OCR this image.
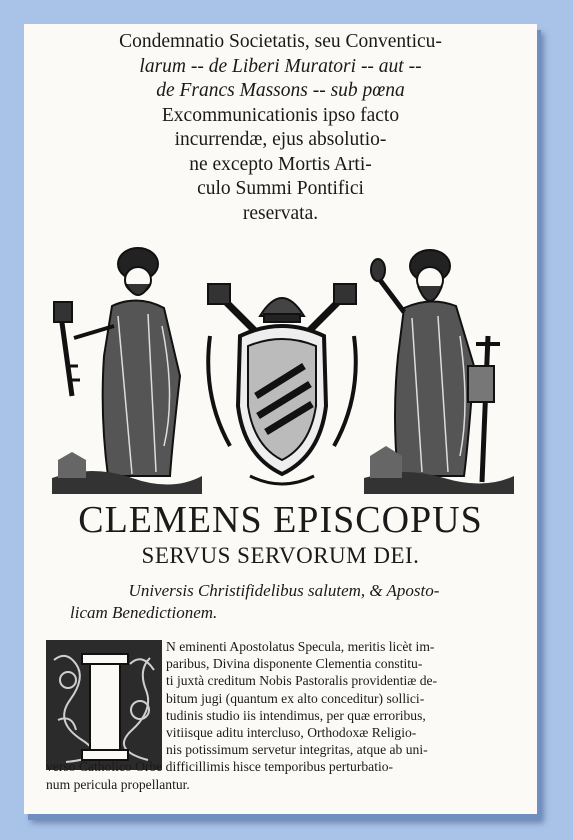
Condemnatio Societatis, seu Conventicu-
larum -- de Liberi Muratori -- aut --
de Francs Massons -- sub pœna
Excommunicationis ipso facto
incurrendæ, ejus absolutio-
ne excepto Mortis Arti-
culo Summi Pontifici
reservata.
CLEMENS EPISCOPUS
SERVUS SERVORUM DEI.
Universis Christifidelibus salutem, & Aposto-
licam Benedictionem.
I
N eminenti Apostolatus Specula, meritis licèt im-
paribus, Divina disponente Clementia constitu-
ti juxtà creditum Nobis Pastoralis providentiæ de-
bitum jugi (quantum ex alto conceditur) sollici-
tudinis studio iis intendimus, per quæ erroribus,
vitiisque aditu intercluso, Orthodoxæ Religio-
nis potissimum servetur integritas, atque ab uni-
verso Catholico Orbe difficillimis hisce temporibus perturbatio-
num pericula propellantur.
